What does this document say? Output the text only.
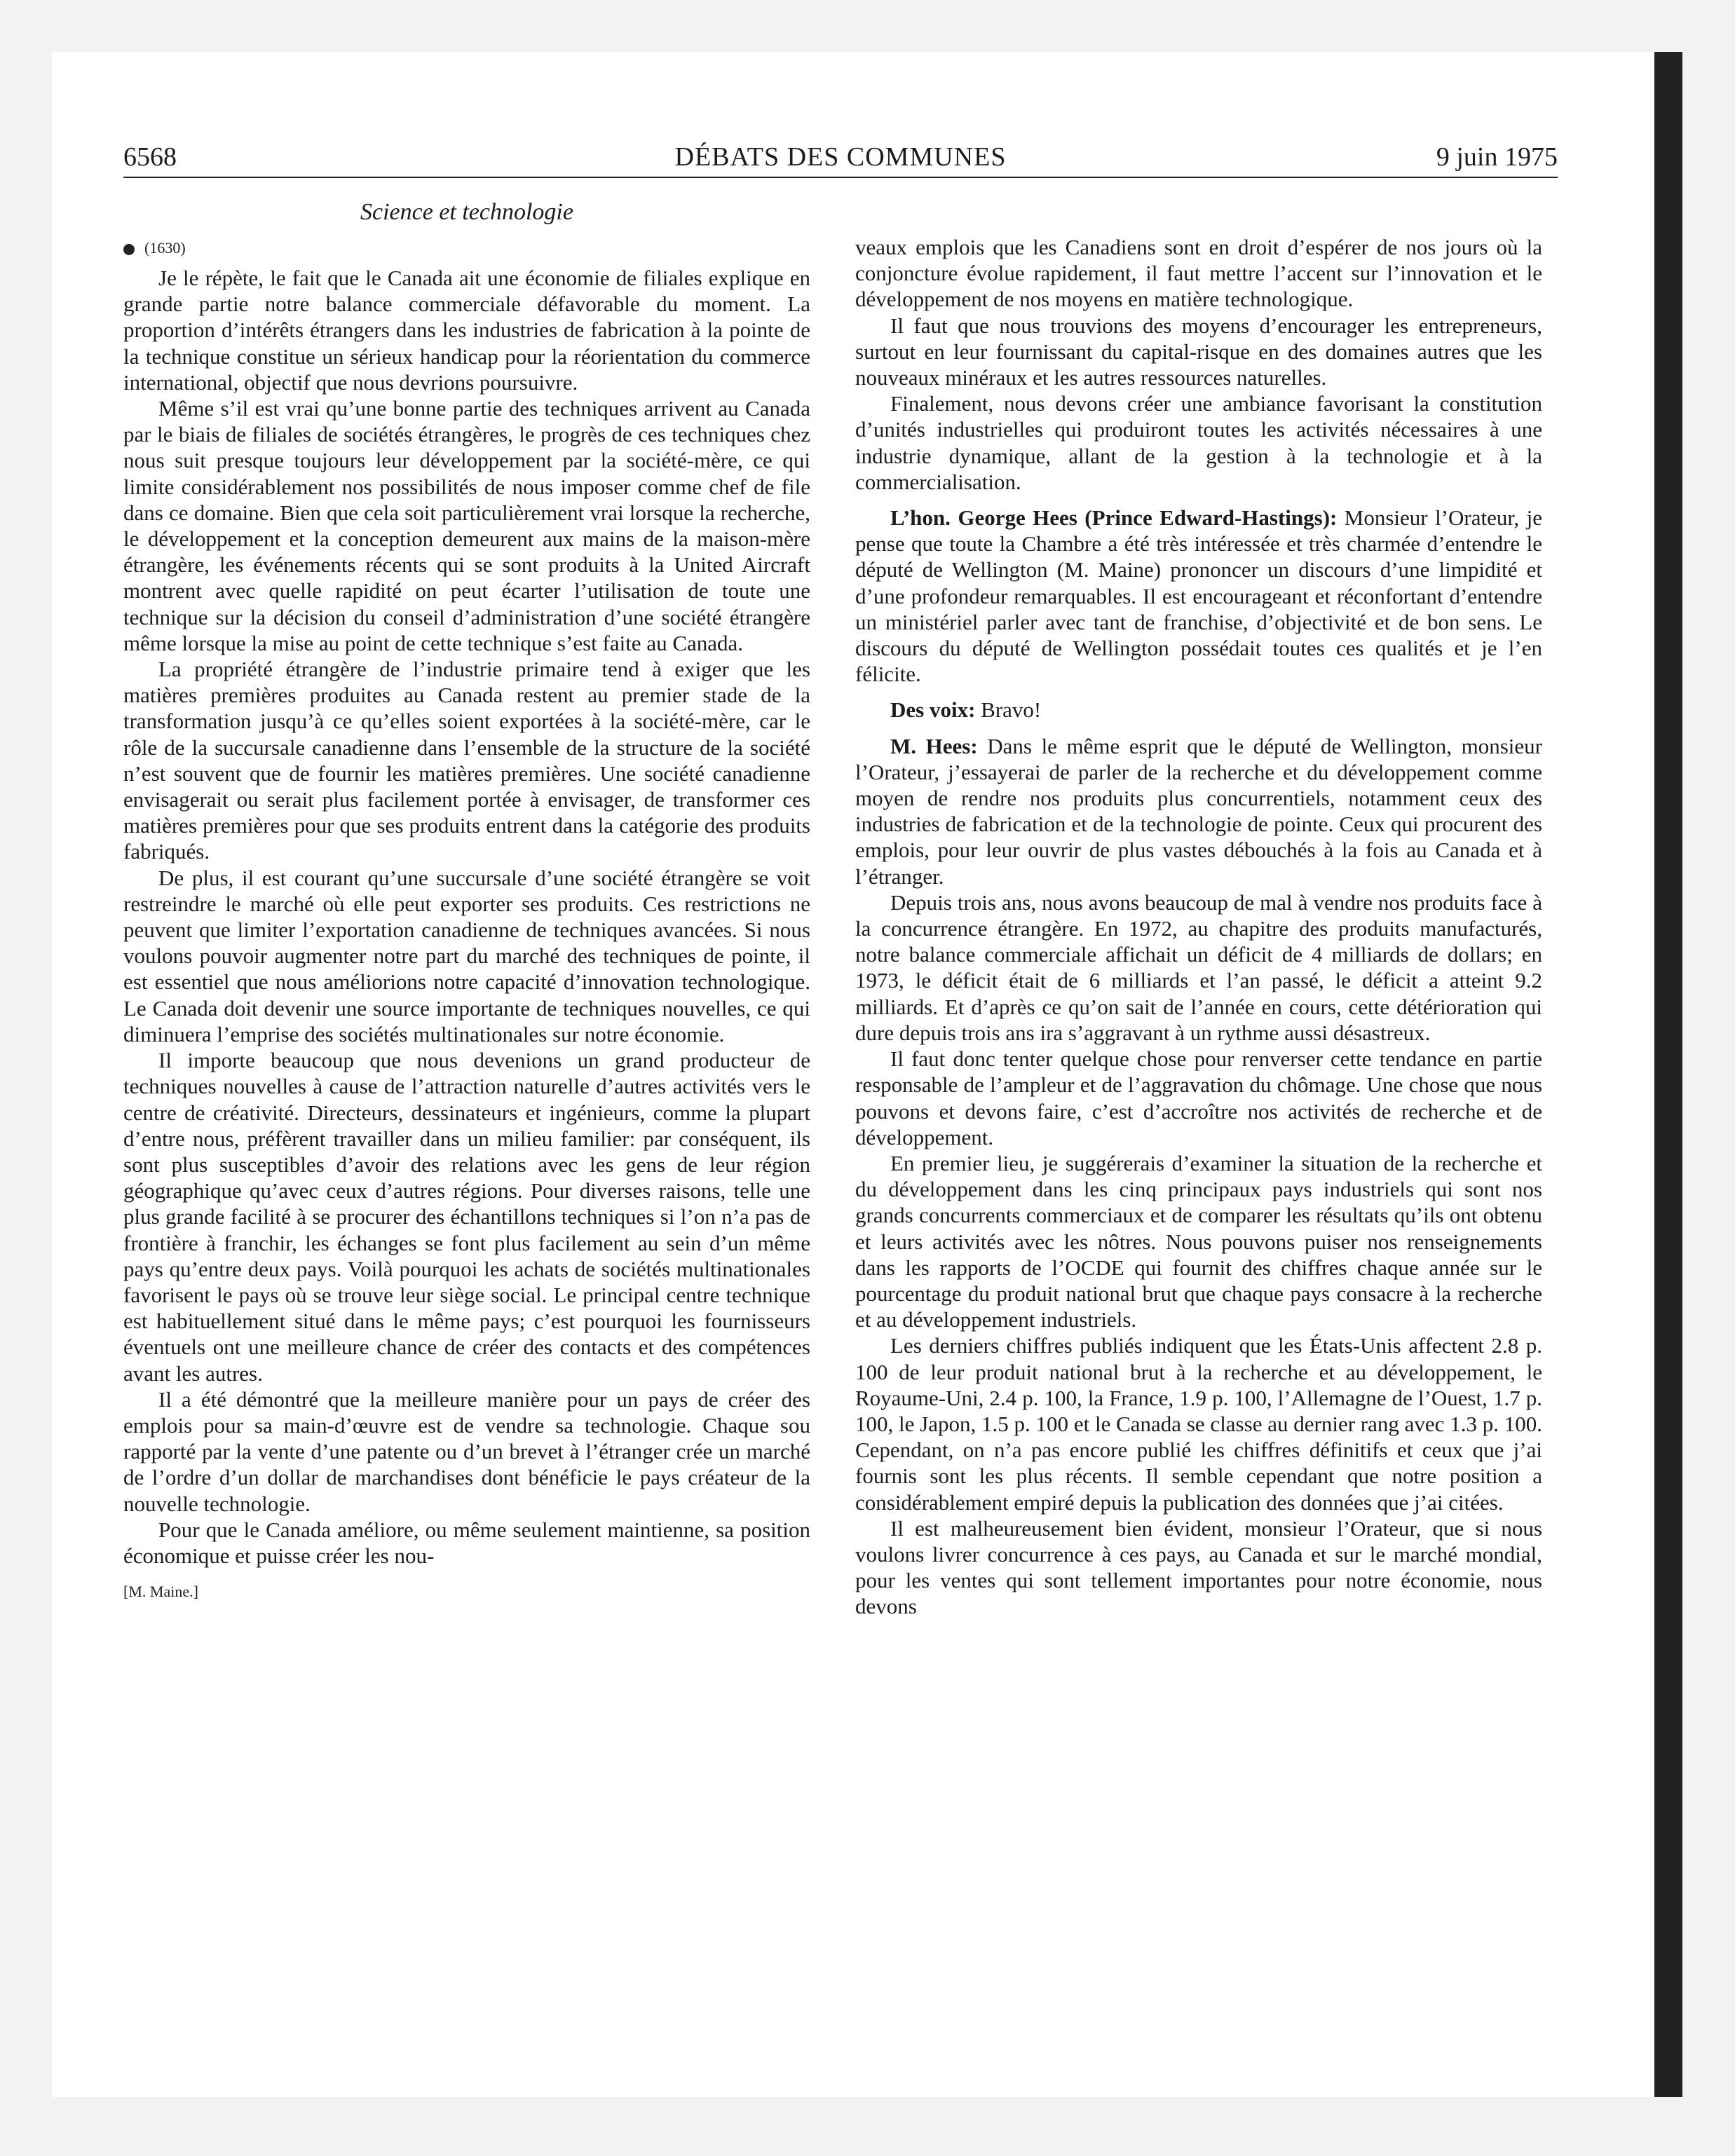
6568	DÉBATS DES COMMUNES	9 juin 1975
Science et technologie
(1630)

Je le répète, le fait que le Canada ait une économie de filiales explique en grande partie notre balance commerciale défavorable du moment. La proportion d’intérêts étrangers dans les industries de fabrication à la pointe de la technique constitue un sérieux handicap pour la réorientation du commerce international, objectif que nous devrions poursuivre.

Même s’il est vrai qu’une bonne partie des techniques arrivent au Canada par le biais de filiales de sociétés étrangères, le progrès de ces techniques chez nous suit presque toujours leur développement par la société-mère, ce qui limite considérablement nos possibilités de nous imposer comme chef de file dans ce domaine. Bien que cela soit particulièrement vrai lorsque la recherche, le développement et la conception demeurent aux mains de la maison-mère étrangère, les événements récents qui se sont produits à la United Aircraft montrent avec quelle rapidité on peut écarter l’utilisation de toute une technique sur la décision du conseil d’administration d’une société étrangère même lorsque la mise au point de cette technique s’est faite au Canada.

La propriété étrangère de l’industrie primaire tend à exiger que les matières premières produites au Canada restent au premier stade de la transformation jusqu’à ce qu’elles soient exportées à la société-mère, car le rôle de la succursale canadienne dans l’ensemble de la structure de la société n’est souvent que de fournir les matières premières. Une société canadienne envisagerait ou serait plus facilement portée à envisager, de transformer ces matières premières pour que ses produits entrent dans la catégorie des produits fabriqués.

De plus, il est courant qu’une succursale d’une société étrangère se voit restreindre le marché où elle peut exporter ses produits. Ces restrictions ne peuvent que limiter l’exportation canadienne de techniques avancées. Si nous voulons pouvoir augmenter notre part du marché des techniques de pointe, il est essentiel que nous améliorions notre capacité d’innovation technologique. Le Canada doit devenir une source importante de techniques nouvelles, ce qui diminuera l’emprise des sociétés multinationales sur notre économie.

Il importe beaucoup que nous devenions un grand producteur de techniques nouvelles à cause de l’attraction naturelle d’autres activités vers le centre de créativité. Directeurs, dessinateurs et ingénieurs, comme la plupart d’entre nous, préfèrent travailler dans un milieu familier: par conséquent, ils sont plus susceptibles d’avoir des relations avec les gens de leur région géographique qu’avec ceux d’autres régions. Pour diverses raisons, telle une plus grande facilité à se procurer des échantillons techniques si l’on n’a pas de frontière à franchir, les échanges se font plus facilement au sein d’un même pays qu’entre deux pays. Voilà pourquoi les achats de sociétés multinationales favorisent le pays où se trouve leur siège social. Le principal centre technique est habituellement situé dans le même pays; c’est pourquoi les fournisseurs éventuels ont une meilleure chance de créer des contacts et des compétences avant les autres.

Il a été démontré que la meilleure manière pour un pays de créer des emplois pour sa main-d’œuvre est de vendre sa technologie. Chaque sou rapporté par la vente d’une patente ou d’un brevet à l’étranger crée un marché de l’ordre d’un dollar de marchandises dont bénéficie le pays créateur de la nouvelle technologie.

Pour que le Canada améliore, ou même seulement maintienne, sa position économique et puisse créer les nou-

[M. Maine.]

veaux emplois que les Canadiens sont en droit d’espérer de nos jours où la conjoncture évolue rapidement, il faut mettre l’accent sur l’innovation et le développement de nos moyens en matière technologique.

Il faut que nous trouvions des moyens d’encourager les entrepreneurs, surtout en leur fournissant du capital-risque en des domaines autres que les nouveaux minéraux et les autres ressources naturelles.

Finalement, nous devons créer une ambiance favorisant la constitution d’unités industrielles qui produiront toutes les activités nécessaires à une industrie dynamique, allant de la gestion à la technologie et à la commercialisation.

L’hon. George Hees (Prince Edward-Hastings): Monsieur l’Orateur, je pense que toute la Chambre a été très intéressée et très charmée d’entendre le député de Wellington (M. Maine) prononcer un discours d’une limpidité et d’une profondeur remarquables. Il est encourageant et réconfortant d’entendre un ministériel parler avec tant de franchise, d’objectivité et de bon sens. Le discours du député de Wellington possédait toutes ces qualités et je l’en félicite.

Des voix: Bravo!

M. Hees: Dans le même esprit que le député de Wellington, monsieur l’Orateur, j’essayerai de parler de la recherche et du développement comme moyen de rendre nos produits plus concurrentiels, notamment ceux des industries de fabrication et de la technologie de pointe. Ceux qui procurent des emplois, pour leur ouvrir de plus vastes débouchés à la fois au Canada et à l’étranger.

Depuis trois ans, nous avons beaucoup de mal à vendre nos produits face à la concurrence étrangère. En 1972, au chapitre des produits manufacturés, notre balance commerciale affichait un déficit de 4 milliards de dollars; en 1973, le déficit était de 6 milliards et l’an passé, le déficit a atteint 9.2 milliards. Et d’après ce qu’on sait de l’année en cours, cette détérioration qui dure depuis trois ans ira s’aggravant à un rythme aussi désastreux.

Il faut donc tenter quelque chose pour renverser cette tendance en partie responsable de l’ampleur et de l’aggravation du chômage. Une chose que nous pouvons et devons faire, c’est d’accroître nos activités de recherche et de développement.

En premier lieu, je suggérerais d’examiner la situation de la recherche et du développement dans les cinq principaux pays industriels qui sont nos grands concurrents commerciaux et de comparer les résultats qu’ils ont obtenu et leurs activités avec les nôtres. Nous pouvons puiser nos renseignements dans les rapports de l’OCDE qui fournit des chiffres chaque année sur le pourcentage du produit national brut que chaque pays consacre à la recherche et au développement industriels.

Les derniers chiffres publiés indiquent que les États-Unis affectent 2.8 p. 100 de leur produit national brut à la recherche et au développement, le Royaume-Uni, 2.4 p. 100, la France, 1.9 p. 100, l’Allemagne de l’Ouest, 1.7 p. 100, le Japon, 1.5 p. 100 et le Canada se classe au dernier rang avec 1.3 p. 100. Cependant, on n’a pas encore publié les chiffres définitifs et ceux que j’ai fournis sont les plus récents. Il semble cependant que notre position a considérablement empiré depuis la publication des données que j’ai citées.

Il est malheureusement bien évident, monsieur l’Orateur, que si nous voulons livrer concurrence à ces pays, au Canada et sur le marché mondial, pour les ventes qui sont tellement importantes pour notre économie, nous devons
